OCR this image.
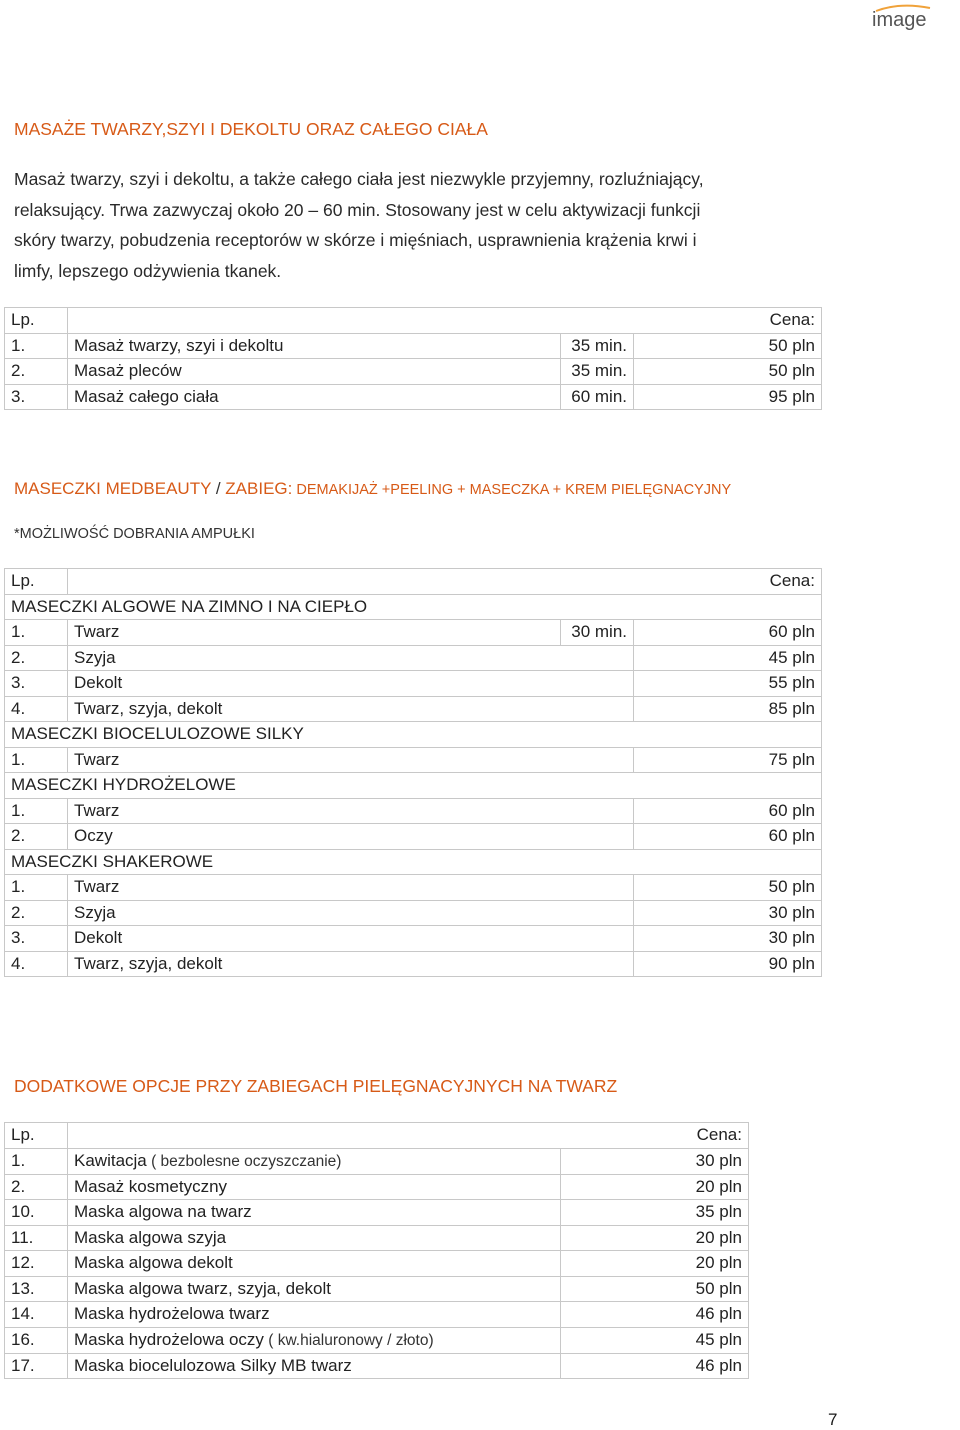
image
MASAŻE TWARZY,SZYI I DEKOLTU ORAZ CAŁEGO CIAŁA
Masaż twarzy, szyi i dekoltu, a także całego ciała jest niezwykle przyjemny, rozluźniający,
relaksujący. Trwa zazwyczaj około 20 – 60 min. Stosowany jest w celu aktywizacji funkcji
skóry twarzy, pobudzenia receptorów w skórze i mięśniach, usprawnienia krążenia krwi i
limfy, lepszego odżywienia tkanek.
Lp.	Cena:		
1.	Masaż twarzy, szyi i dekoltu	35 min.	50 pln
2.	Masaż pleców	35 min.	50 pln
3.	Masaż całego ciała	60 min.	95 pln
MASECZKI MEDBEAUTY / ZABIEG: DEMAKIJAŻ +PEELING + MASECZKA + KREM PIELĘGNACYJNY
*MOŻLIWOŚĆ DOBRANIA AMPUŁKI
Lp.	Cena:		
MASECZKI ALGOWE NA ZIMNO I NA CIEPŁO			
1.	Twarz	30 min.	60 pln
2.	Szyja		45 pln
3.	Dekolt		55 pln
4.	Twarz, szyja, dekolt		85 pln
MASECZKI BIOCELULOZOWE SILKY			
1.	Twarz		75 pln
MASECZKI HYDROŻELOWE			
1.	Twarz		60 pln
2.	Oczy		60 pln
MASECZKI SHAKEROWE			
1.	Twarz		50 pln
2.	Szyja		30 pln
3.	Dekolt		30 pln
4.	Twarz, szyja, dekolt		90 pln
DODATKOWE OPCJE PRZY ZABIEGACH PIELĘGNACYJNYCH NA TWARZ
Lp.	Cena:	
1.	Kawitacja ( bezbolesne oczyszczanie)	30 pln
2.	Masaż kosmetyczny	20 pln
10.	Maska algowa na twarz	35 pln
11.	Maska algowa szyja	20 pln
12.	Maska algowa dekolt	20 pln
13.	Maska algowa twarz, szyja, dekolt	50 pln
14.	Maska hydrożelowa twarz	46 pln
16.	Maska hydrożelowa oczy ( kw.hialuronowy / złoto)	45 pln
17.	Maska biocelulozowa Silky MB twarz	46 pln
7
